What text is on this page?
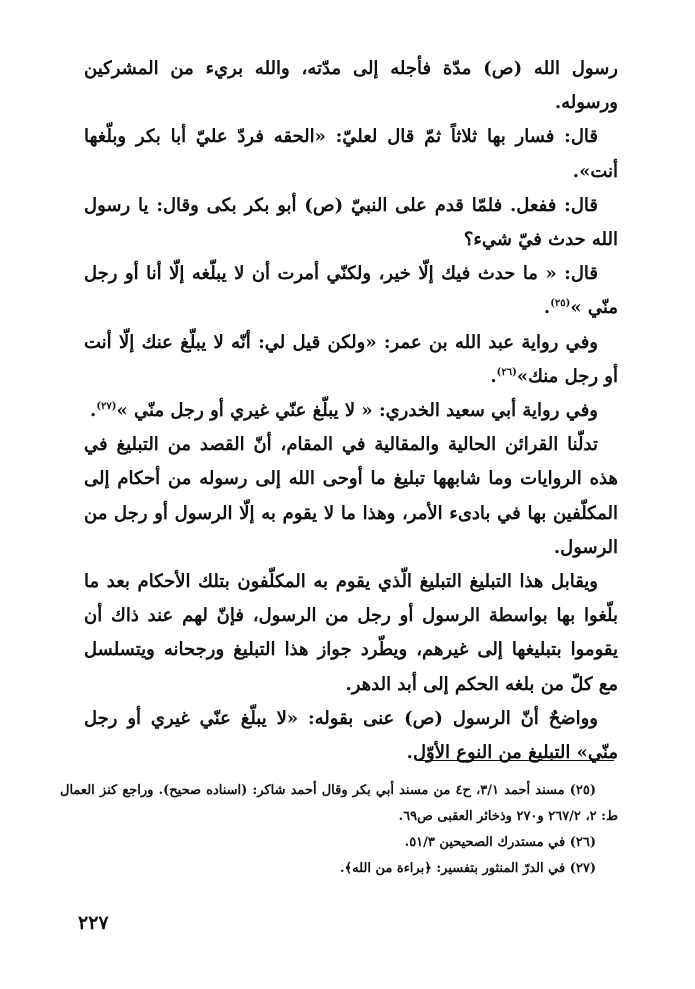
رسول الله (ص) مدّة فأجله إلى مدّته، والله بريء من المشركين ورسوله.

قال: فسار بها ثلاثاً ثمّ قال لعليّ: «الحقه فردّ عليّ أبا بكر وبلّغها أنت».

قال: ففعل. فلمّا قدم على النبيّ (ص) أبو بكر بكى وقال: يا رسول الله حدث فيّ شيء؟

قال: « ما حدث فيك إلّا خير، ولكنّي أمرت أن لا يبلّغه إلّا أنا أو رجل منّي »$^{(٢٥)}$.

وفي رواية عبد الله بن عمر: «ولكن قيل لي: أنّه لا يبلّغ عنك إلّا أنت أو رجل منك»$^{(٢٦)}$.

وفي رواية أبي سعيد الخدري: « لا يبلّغ عنّي غيري أو رجل منّي »$^{(٢٧)}$.

تدلّنا القرائن الحالية والمقالية في المقام، أنّ القصد من التبليغ في هذه الروايات وما شابهها تبليغ ما أوحى الله إلى رسوله من أحكام إلى المكلّفين بها في بادىء الأمر، وهذا ما لا يقوم به إلّا الرسول أو رجل من الرسول.

ويقابل هذا التبليغ التبليغ الّذي يقوم به المكلّفون بتلك الأحكام بعد ما بلّغوا بها بواسطة الرسول أو رجل من الرسول، فإنّ لهم عند ذاك أن يقوموا بتبليغها إلى غيرهم، ويطّرد جواز هذا التبليغ ورجحانه ويتسلسل مع كلّ من بلغه الحكم إلى أبد الدهر.

وواضحٌ أنّ الرسول (ص) عنى بقوله: «لا يبلّغ عنّي غيري أو رجل منّي» التبليغ من النوع الأوّل.

(٢٥) مسند أحمد ٣/١، ح٤ من مسند أبي بكر وقال أحمد شاكر: (اسناده صحيح). وراجع كنز العمال ط: ٢، ٢٦٧/٢ و٢٧٠ وذخائر العقبى ص٦٩.

(٢٦) في مستدرك الصحيحين ٥١/٣.

(٢٧) في الدرّ المنثور بتفسير: ﴿براءة من الله﴾.

٢٢٧
